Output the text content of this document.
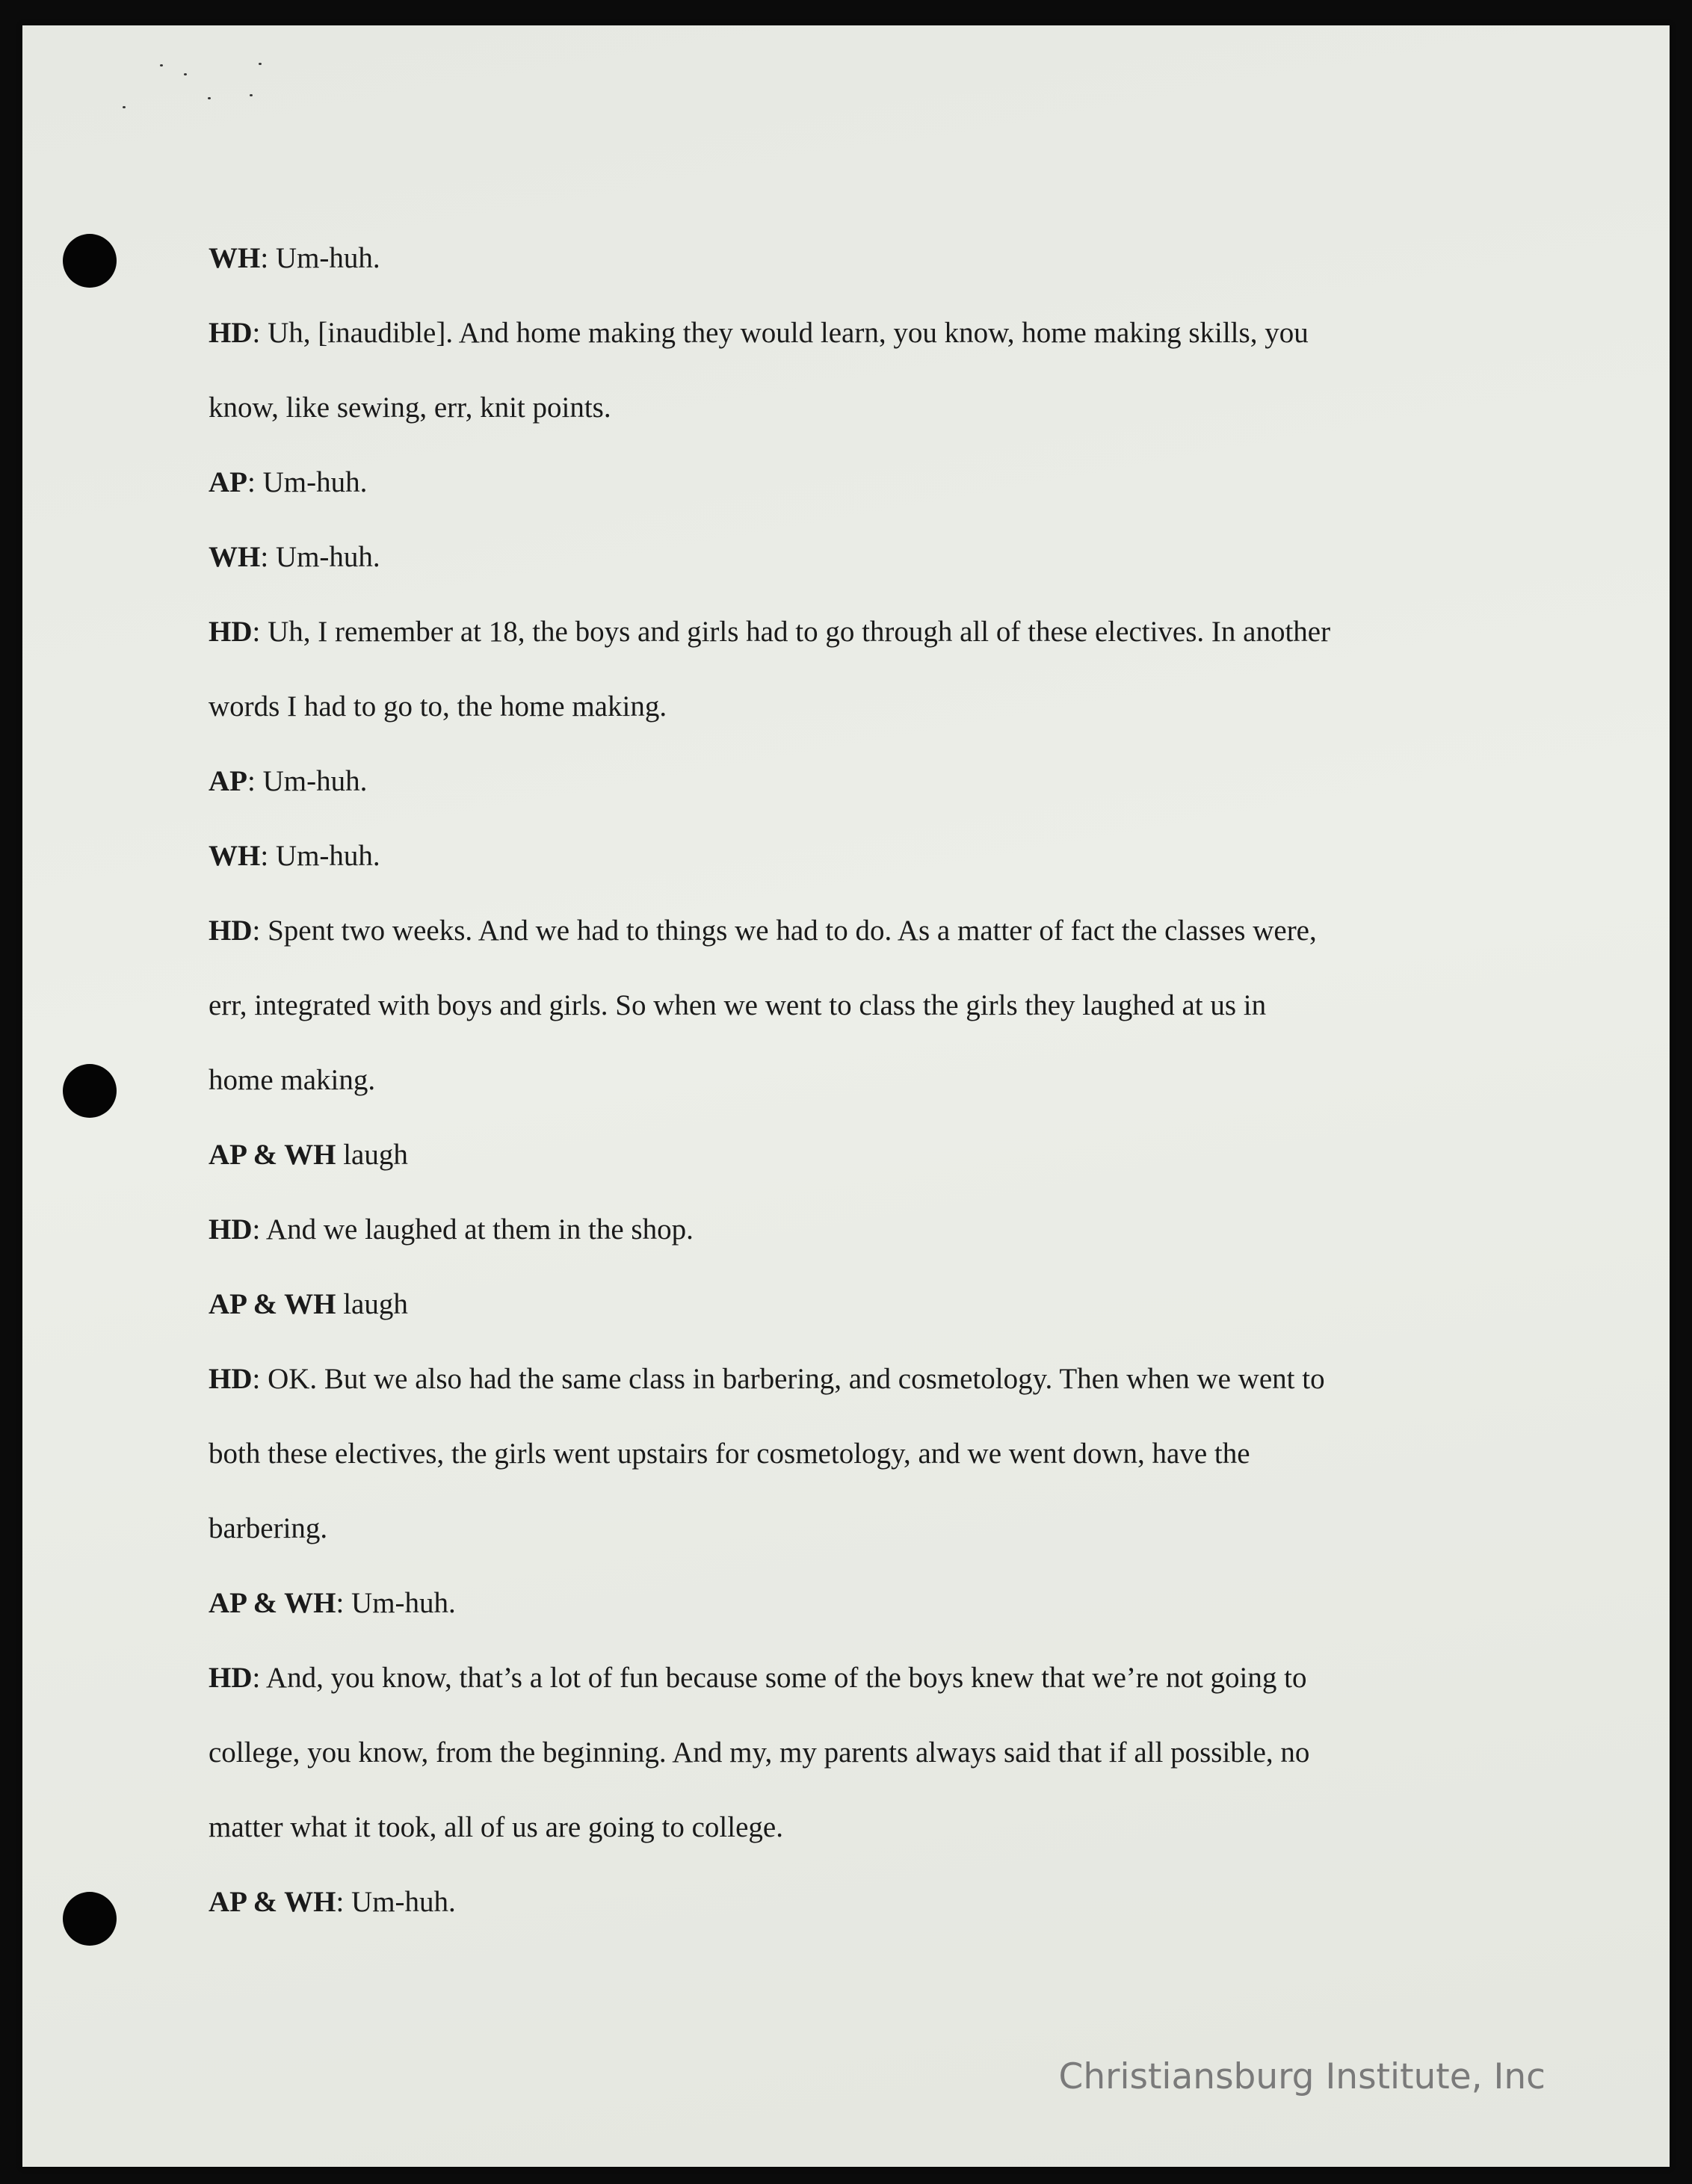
WH: Um-huh.
HD: Uh, [inaudible]. And home making they would learn, you know, home making skills, you
know, like sewing, err, knit points.
AP: Um-huh.
WH: Um-huh.
HD: Uh, I remember at 18, the boys and girls had to go through all of these electives. In another
words I had to go to, the home making.
AP: Um-huh.
WH: Um-huh.
HD: Spent two weeks. And we had to things we had to do. As a matter of fact the classes were,
err, integrated with boys and girls. So when we went to class the girls they laughed at us in
home making.
AP & WH laugh
HD: And we laughed at them in the shop.
AP & WH laugh
HD: OK. But we also had the same class in barbering, and cosmetology. Then when we went to
both these electives, the girls went upstairs for cosmetology, and we went down, have the
barbering.
AP & WH: Um-huh.
HD: And, you know, that’s a lot of fun because some of the boys knew that we’re not going to
college, you know, from the beginning. And my, my parents always said that if all possible, no
matter what it took, all of us are going to college.
AP & WH: Um-huh.
Christiansburg Institute, Inc
